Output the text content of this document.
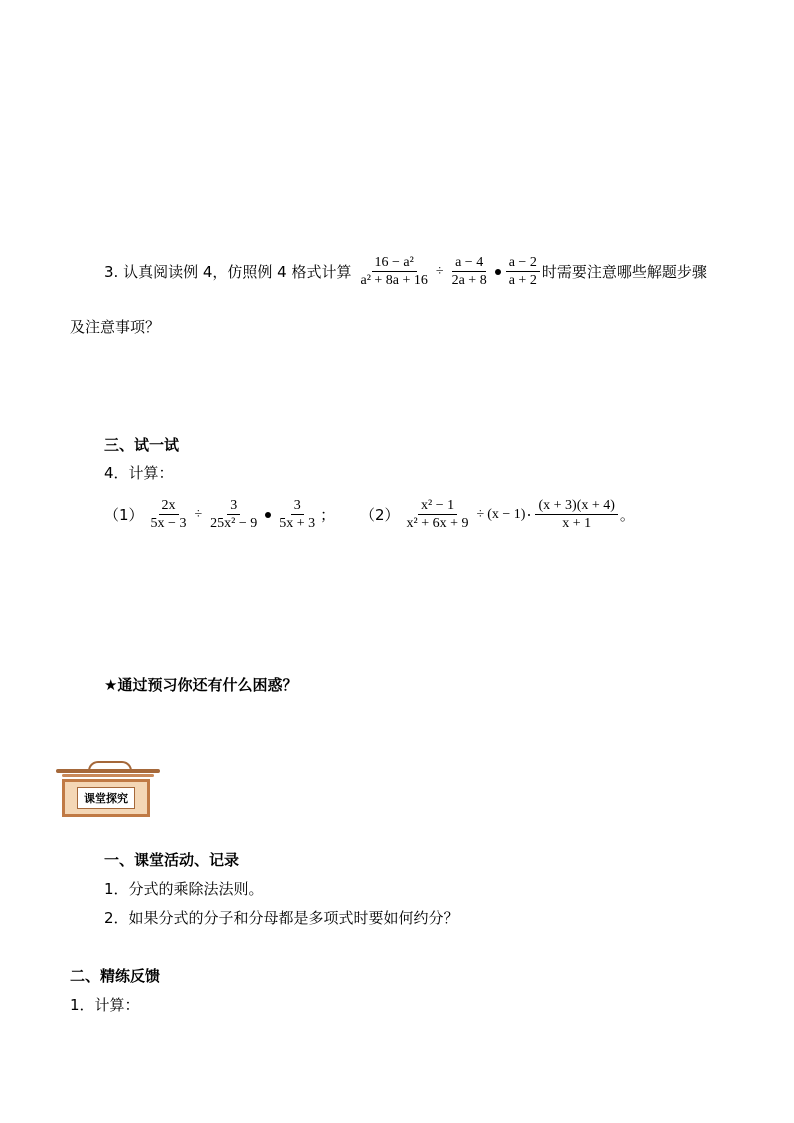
3. 认真阅读例 4，仿照例 4 格式计算 $\frac{\text{16 − a²}}{\text{a² + 8a + 16}} \div \frac{a - 4}{2a + 8} \frac{a - 2}{a + 2}$ 时需要注意哪些解题步骤
及注意事项？
三、试一试
4．计算：
$(1) \frac{2x}{5x - 3} \div \frac{3}{\text{25x² − 9}} \frac{3}{5x + 3}$ ； $(2) \frac{\text{x² − 1}}{\text{x² + 6x + 9}} \div (x - 1) \frac{(x + 3)(x + 4)}{x + 1}$ 。
★通过预习你还有什么困惑？
课堂探究
一、课堂活动、记录
1．分式的乘除法法则。
2．如果分式的分子和分母都是多项式时要如何约分？
二、精练反馈
1．计算：
